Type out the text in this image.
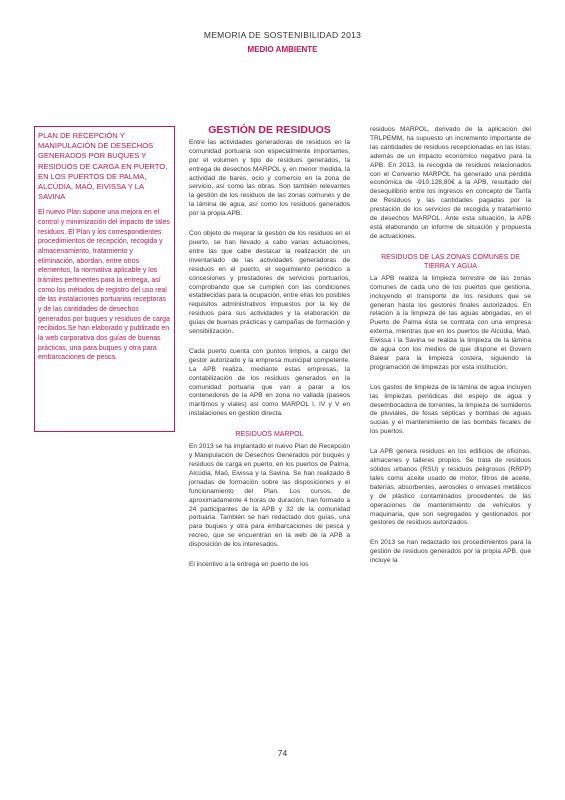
MEMORIA DE SOSTENIBILIDAD 2013
MEDIO AMBIENTE

PLAN DE RECEPCIÓN Y MANIPULACIÓN DE DESECHOS GENERADOS POR BUQUES Y RESIDUOS DE CARGA EN PUERTO, EN LOS PUERTOS DE PALMA, ALCÚDIA, MAÓ, EIVISSA Y LA SAVINA

El nuevo Plan supone una mejora en el control y minimización del impacto de tales residuos. El Plan y los correspondientes procedimientos de recepción, recogida y almacenamiento, tratamiento y eliminación, abordan, entre otros elementos, la normativa aplicable y los trámites pertinentes para la entrega, así como los métodos de registro del uso real de las instalaciones portuarias receptoras y de las cantidades de desechos generados por buques y residuos de carga recibidos.Se han elaborado y publicado en la web corporativa dos guías de buenas prácticas, una para buques y otra para embarcaciones de pesca.

GESTIÓN DE RESIDUOS

Entre las actividades generadoras de residuos en la comunidad portuaria son especialmente importantes, por el volumen y tipo de residuos generados, la entrega de desechos MARPOL y, en menor medida, la actividad de bares, ocio y comercio en la zona de servicio, así como las obras. Son también relevantes la gestión de los residuos de las zonas comunes y de la lámina de agua, así como los residuos generados por la propia APB.

Con objeto de mejorar la gestión de los residuos en el puerto, se han llevado a cabo varias actuaciones, entre las que cabe destacar la realización de un inventariado de las actividades generadoras de residuos en el puerto, el seguimiento periódico a concesiones y prestadores de servicios portuarios, comprobando que se cumplen con las condiciones establecidas para la ocupación, entre ellas los posibles requisitos administrativos impuestos por la ley de residuos para sus actividades y la elaboración de guías de buenas prácticas y campañas de formación y sensibilización.

Cada puerto cuenta con puntos limpios, a cargo del gestor autorizado y la empresa municipal competente. La APB realiza, mediante estas empresas, la contabilización de los residuos generados en la comunidad portuaria que van a parar a los contenedores de la APB en zona no vallada (paseos marítimos y viales) así como MARPOL I, IV y V en instalaciones en gestión directa.

RESIDUOS MARPOL

En 2013 se ha implantado el nuevo Plan de Recepción y Manipulación de Desechos Generados por buques y residuos de carga en puerto, en los puertos de Palma, Alcúdia, Maó, Eivissa y la Savina. Se han realizado 6 jornadas de formación sobre las disposiciones y el funcionamiento del Plan. Los cursos, de aproximadamente 4 horas de duración, han formado a 24 participantes de la APB y 32 de la comunidad portuaria. También se han redactado dos guías, una para buques y otra para embarcaciones de pesca y recreo, que se encuentran en la web de la APB a disposición de los interesados.

El incentivo a la entrega en puerto de los

residuos MARPOL, derivado de la aplicación del TRLPEMM, ha supuesto un incremento importante de las cantidades de residuos recepcionadas en las Islas; además de un impacto económico negativo para la APB. En 2013, la recogida de residuos relacionados con el Convenio MARPOL ha generado una pérdida económica de -910.128,80€ a la APB, resultado del desequilibrio entre los ingresos en concepto de Tarifa de Residuos y las cantidades pagadas por la prestación de los servicios de recogida y tratamiento de desechos MARPOL. Ante esta situación, la APB está elaborando un informe de situación y propuesta de actuaciones.

RESIDUOS DE LAS ZONAS COMUNES DE TIERRA Y AGUA

La APB realiza la limpieza terrestre de las zonas comunes de cada uno de los puertos que gestiona, incluyendo el transporte de los residuos que se generan hasta los gestores finales autorizados. En relación a la limpieza de las aguas abrigadas, en el Puerto de Palma ésta se contrata con una empresa externa, mientras que en los puertos de Alcúdia, Maó, Eivissa i la Savina se realiza la limpieza de la lámina de agua con los medios de que dispone el Govern Balear para la limpieza costera, siguiendo la programación de limpiezas por esta institución.

Los gastos de limpieza de la lámina de agua incluyen las limpiezas periódicas del espejo de agua y desembocadura de torrentes, la limpieza de sumideros de pluviales, de fosas sépticas y bombas de aguas sucias y el mantenimiento de las bombas fecales de los puertos.

La APB genera residuos en los edificios de oficinas, almacenes y talleres propios. Se trata de residuos sólidos urbanos (RSU) y residuos peligrosos (RRPP) tales como aceite usado de motor, filtros de aceite, baterías, absorbentes, aerosoles o envases metálicos y de plástico contaminados procedentes de las operaciones de mantenimiento de vehículos y maquinaria, que son segregados y gestionados por gestores de residuos autorizados.

En 2013 se han redactado los procedimientos para la gestión de residuos generados por la propia APB, que incluye la

74
